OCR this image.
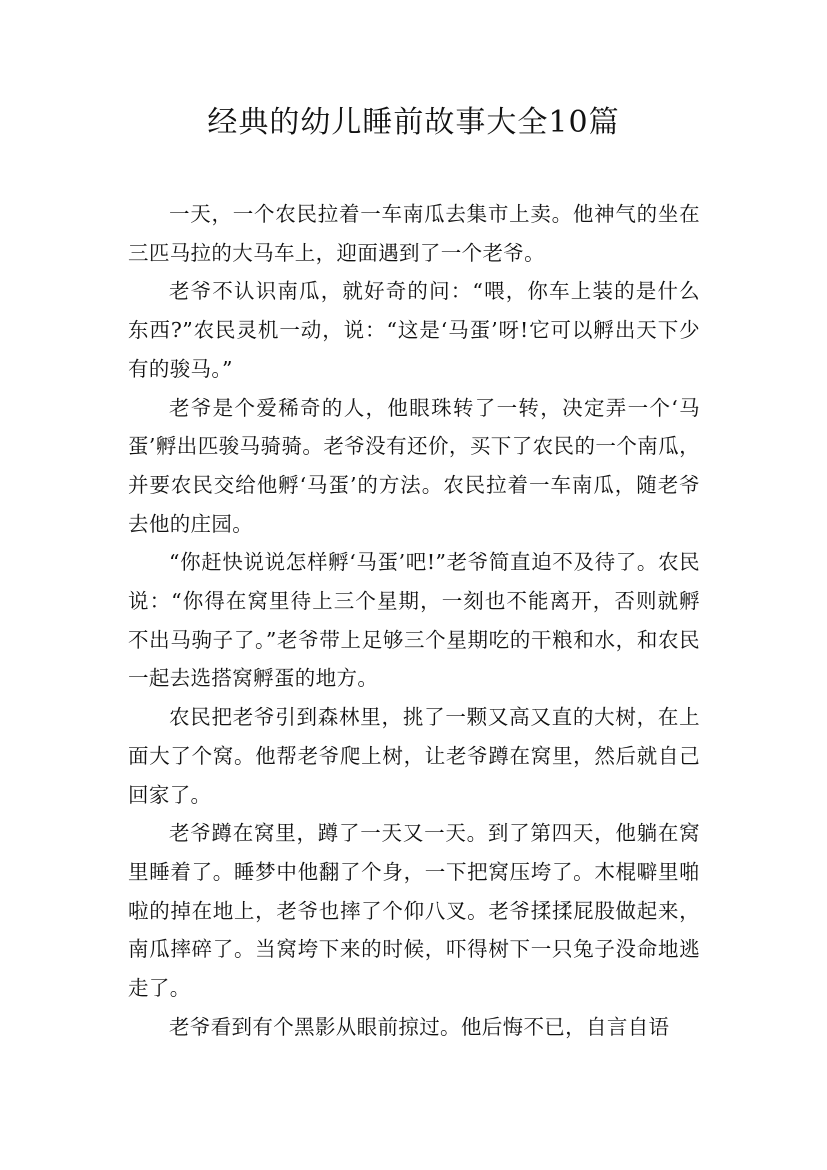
经典的幼儿睡前故事大全10篇

一天，一个农民拉着一车南瓜去集市上卖。他神气的坐在三匹马拉的大马车上，迎面遇到了一个老爷。

老爷不认识南瓜，就好奇的问：“喂，你车上装的是什么东西?”农民灵机一动，说：“这是‘马蛋’呀!它可以孵出天下少有的骏马。”

老爷是个爱稀奇的人，他眼珠转了一转，决定弄一个‘马蛋’孵出匹骏马骑骑。老爷没有还价，买下了农民的一个南瓜，并要农民交给他孵‘马蛋’的方法。农民拉着一车南瓜，随老爷去他的庄园。

“你赶快说说怎样孵‘马蛋’吧!”老爷简直迫不及待了。农民说：“你得在窝里待上三个星期，一刻也不能离开，否则就孵不出马驹子了。”老爷带上足够三个星期吃的干粮和水，和农民一起去选搭窝孵蛋的地方。

农民把老爷引到森林里，挑了一颗又高又直的大树，在上面大了个窝。他帮老爷爬上树，让老爷蹲在窝里，然后就自己回家了。

老爷蹲在窝里，蹲了一天又一天。到了第四天，他躺在窝里睡着了。睡梦中他翻了个身，一下把窝压垮了。木棍噼里啪啦的掉在地上，老爷也摔了个仰八叉。老爷揉揉屁股做起来，南瓜摔碎了。当窝垮下来的时候，吓得树下一只兔子没命地逃走了。

老爷看到有个黑影从眼前掠过。他后悔不已，自言自语
